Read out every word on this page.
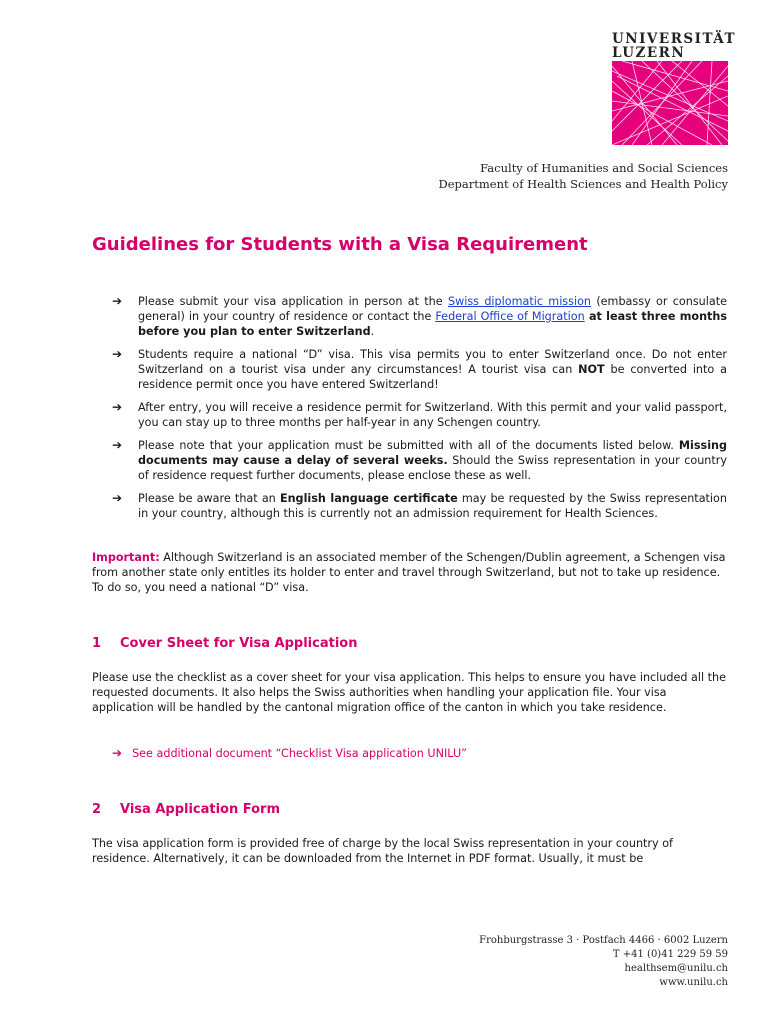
UNIVERSITÄT
LUZERN
Faculty of Humanities and Social Sciences
Department of Health Sciences and Health Policy
Guidelines for Students with a Visa Requirement
➔ Please submit your visa application in person at the Swiss diplomatic mission (embassy or consulate general) in your country of residence or contact the Federal Office of Migration at least three months before you plan to enter Switzerland.
➔ Students require a national “D” visa. This visa permits you to enter Switzerland once. Do not enter Switzerland on a tourist visa under any circumstances! A tourist visa can NOT be converted into a residence permit once you have entered Switzerland!
➔ After entry, you will receive a residence permit for Switzerland. With this permit and your valid passport, you can stay up to three months per half-year in any Schengen country.
➔ Please note that your application must be submitted with all of the documents listed below. Missing documents may cause a delay of several weeks. Should the Swiss representation in your country of residence request further documents, please enclose these as well.
➔ Please be aware that an English language certificate may be requested by the Swiss representation in your country, although this is currently not an admission requirement for Health Sciences.
Important: Although Switzerland is an associated member of the Schengen/Dublin agreement, a Schengen visa from another state only entitles its holder to enter and travel through Switzerland, but not to take up residence. To do so, you need a national “D” visa.
1 Cover Sheet for Visa Application
Please use the checklist as a cover sheet for your visa application. This helps to ensure you have included all the requested documents. It also helps the Swiss authorities when handling your application file. Your visa application will be handled by the cantonal migration office of the canton in which you take residence.
➔ See additional document “Checklist Visa application UNILU”
2 Visa Application Form
The visa application form is provided free of charge by the local Swiss representation in your country of residence. Alternatively, it can be downloaded from the Internet in PDF format. Usually, it must be
Frohburgstrasse 3 · Postfach 4466 · 6002 Luzern
T +41 (0)41 229 59 59
healthsem@unilu.ch
www.unilu.ch
